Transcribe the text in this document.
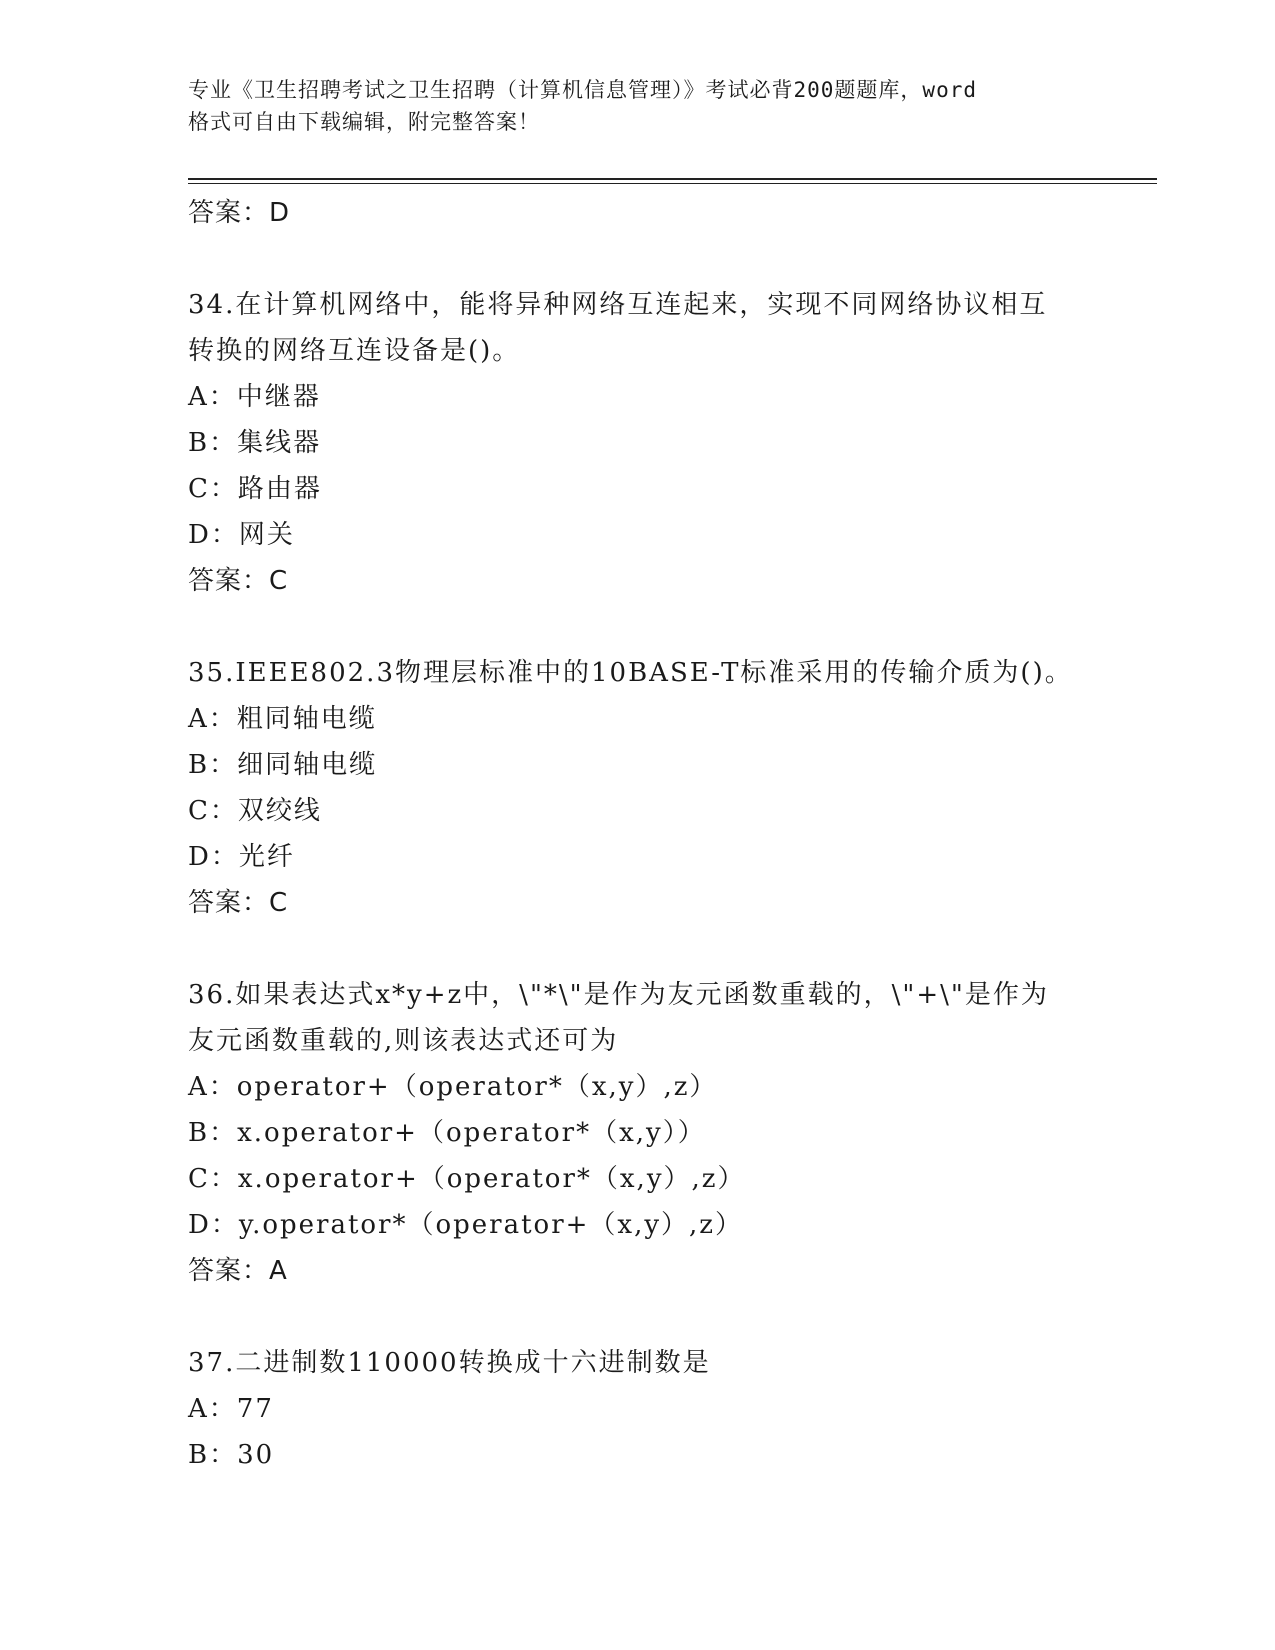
专业《卫生招聘考试之卫生招聘（计算机信息管理）》考试必背200题题库，word
格式可自由下载编辑，附完整答案！
答案：D
34.在计算机网络中，能将异种网络互连起来，实现不同网络协议相互
转换的网络互连设备是()。
A：中继器
B：集线器
C：路由器
D：网关
答案：C
35.IEEE802.3物理层标准中的10BASE-T标准采用的传输介质为()。
A：粗同轴电缆
B：细同轴电缆
C：双绞线
D：光纤
答案：C
36.如果表达式x*y+z中，\"*\"是作为友元函数重载的，\"+\"是作为
友元函数重载的,则该表达式还可为
A：operator+（operator*（x,y）,z）
B：x.operator+（operator*（x,y））
C：x.operator+（operator*（x,y）,z）
D：y.operator*（operator+（x,y）,z）
答案：A
37.二进制数110000转换成十六进制数是
A：77
B：30
